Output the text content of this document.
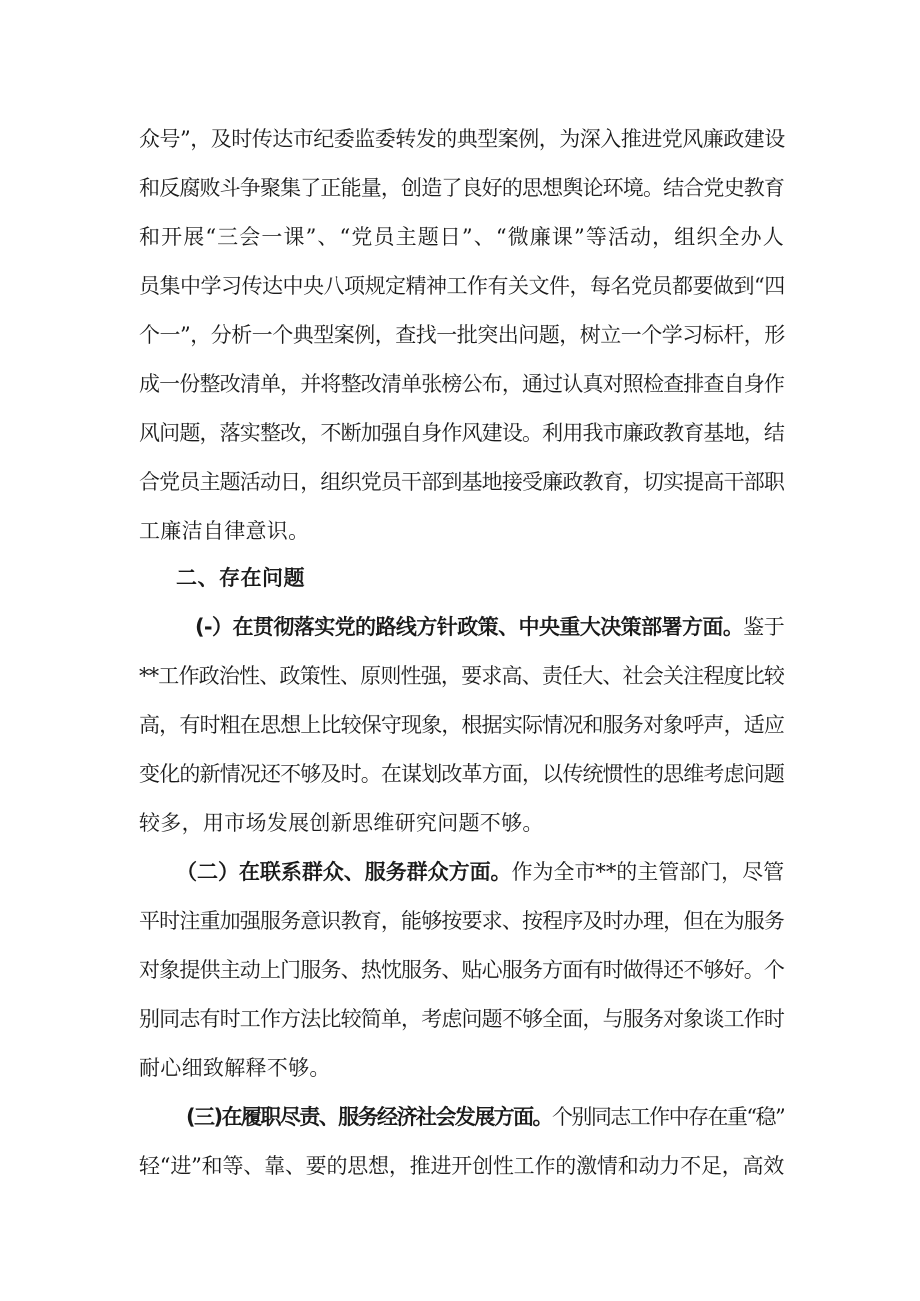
众号”，及时传达市纪委监委转发的典型案例，为深入推进党风廉政建设
和反腐败斗争聚集了正能量，创造了良好的思想舆论环境。结合党史教育
和开展“三会一课”、“党员主题日”、“微廉课”等活动，组织全办人
员集中学习传达中央八项规定精神工作有关文件，每名党员都要做到“四
个一”，分析一个典型案例，查找一批突出问题，树立一个学习标杆，形
成一份整改清单，并将整改清单张榜公布，通过认真对照检查排查自身作
风问题，落实整改，不断加强自身作风建设。利用我市廉政教育基地，结
合党员主题活动日，组织党员干部到基地接受廉政教育，切实提高干部职
工廉洁自律意识。
二、存在问题
(-）在贯彻落实党的路线方针政策、中央重大决策部署方面。鉴于
**工作政治性、政策性、原则性强，要求高、责任大、社会关注程度比较
高，有时粗在思想上比较保守现象，根据实际情况和服务对象呼声，适应
变化的新情况还不够及时。在谋划改革方面，以传统惯性的思维考虑问题
较多，用市场发展创新思维研究问题不够。
（二）在联系群众、服务群众方面。作为全市**的主管部门，尽管
平时注重加强服务意识教育，能够按要求、按程序及时办理，但在为服务
对象提供主动上门服务、热忱服务、贴心服务方面有时做得还不够好。个
别同志有时工作方法比较简单，考虑问题不够全面，与服务对象谈工作时
耐心细致解释不够。
(三)在履职尽责、服务经济社会发展方面。个别同志工作中存在重“稳”
轻“进”和等、靠、要的思想，推进开创性工作的激情和动力不足，高效
